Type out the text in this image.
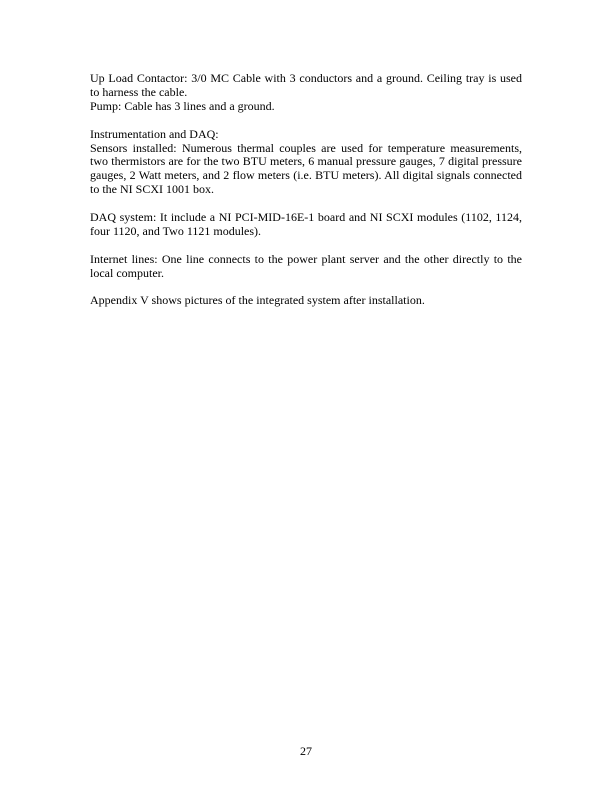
Up Load Contactor: 3/0 MC Cable with 3 conductors and a ground. Ceiling tray is used to harness the cable.
Pump: Cable has 3 lines and a ground.

Instrumentation and DAQ:
Sensors installed: Numerous thermal couples are used for temperature measurements, two thermistors are for the two BTU meters, 6 manual pressure gauges, 7 digital pressure gauges, 2 Watt meters, and 2 flow meters (i.e. BTU meters). All digital signals connected to the NI SCXI 1001 box.

DAQ system: It include a NI PCI-MID-16E-1 board and NI SCXI modules (1102, 1124, four 1120, and Two 1121 modules).

Internet lines: One line connects to the power plant server and the other directly to the local computer.

Appendix V shows pictures of the integrated system after installation.

27
